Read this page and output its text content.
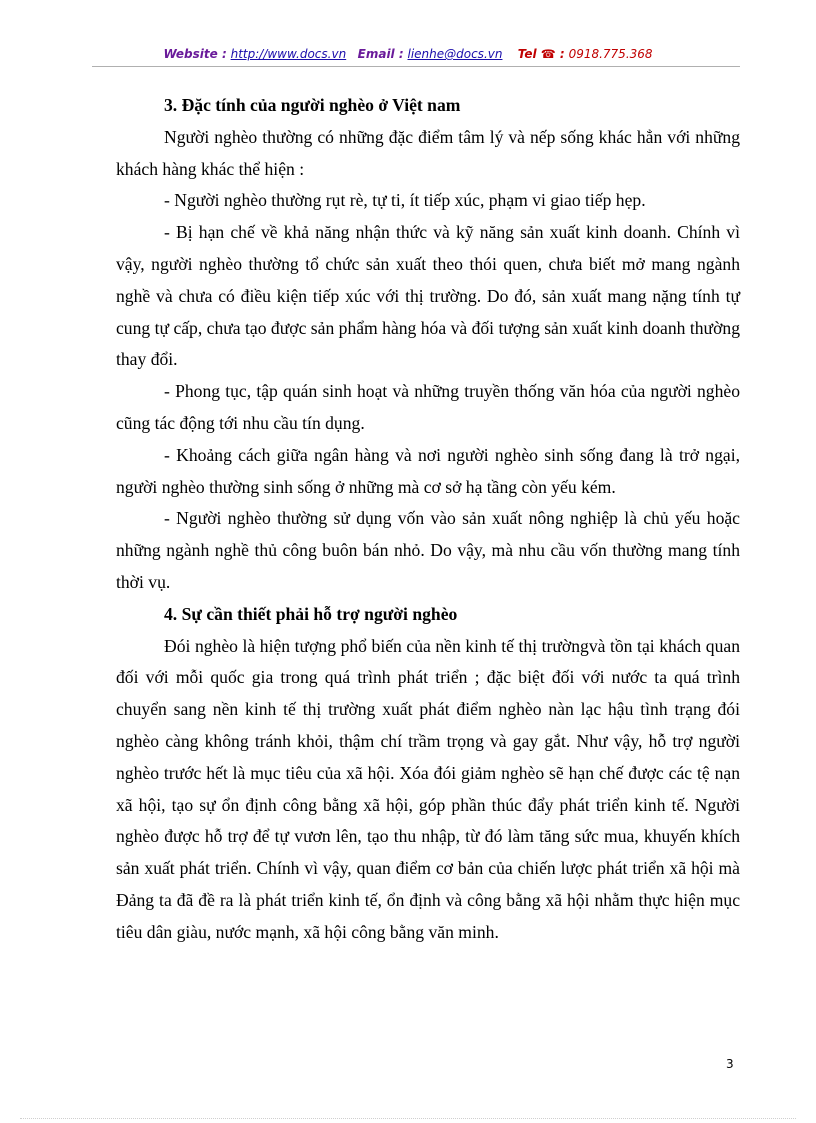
Website : http://www.docs.vn Email : lienhe@docs.vn Tel ☎ : 0918.775.368

3. Đặc tính của người nghèo ở Việt nam

Người nghèo thường có những đặc điểm tâm lý và nếp sống khác hẳn với những khách hàng khác thể hiện :

- Người nghèo thường rụt rè, tự ti, ít tiếp xúc, phạm vi giao tiếp hẹp.

- Bị hạn chế về khả năng nhận thức và kỹ năng sản xuất kinh doanh. Chính vì vậy, người nghèo thường tổ chức sản xuất theo thói quen, chưa biết mở mang ngành nghề và chưa có điều kiện tiếp xúc với thị trường. Do đó, sản xuất mang nặng tính tự cung tự cấp, chưa tạo được sản phẩm hàng hóa và đối tượng sản xuất kinh doanh thường thay đổi.

- Phong tục, tập quán sinh hoạt và những truyền thống văn hóa của người nghèo cũng tác động tới nhu cầu tín dụng.

- Khoảng cách giữa ngân hàng và nơi người nghèo sinh sống đang là trở ngại, người nghèo thường sinh sống ở những mà cơ sở hạ tầng còn yếu kém.

- Người nghèo thường sử dụng vốn vào sản xuất nông nghiệp là chủ yếu hoặc những ngành nghề thủ công buôn bán nhỏ. Do vậy, mà nhu cầu vốn thường mang tính thời vụ.

4. Sự cần thiết phải hỗ trợ người nghèo

Đói nghèo là hiện tượng phổ biến của nền kinh tế thị trườngvà tồn tại khách quan đối với mỗi quốc gia trong quá trình phát triển ; đặc biệt đối với nước ta quá trình chuyển sang nền kinh tế thị trường xuất phát điểm nghèo nàn lạc hậu tình trạng đói nghèo càng không tránh khỏi, thậm chí trầm trọng và gay gắt. Như vậy, hỗ trợ người nghèo trước hết là mục tiêu của xã hội. Xóa đói giảm nghèo sẽ hạn chế được các tệ nạn xã hội, tạo sự ổn định công bằng xã hội, góp phần thúc đẩy phát triển kinh tế. Người nghèo được hỗ trợ để tự vươn lên, tạo thu nhập, từ đó làm tăng sức mua, khuyến khích sản xuất phát triển. Chính vì vậy, quan điểm cơ bản của chiến lược phát triển xã hội mà Đảng ta đã đề ra là phát triển kinh tế, ổn định và công bằng xã hội nhằm thực hiện mục tiêu dân giàu, nước mạnh, xã hội công bằng văn minh.

3
